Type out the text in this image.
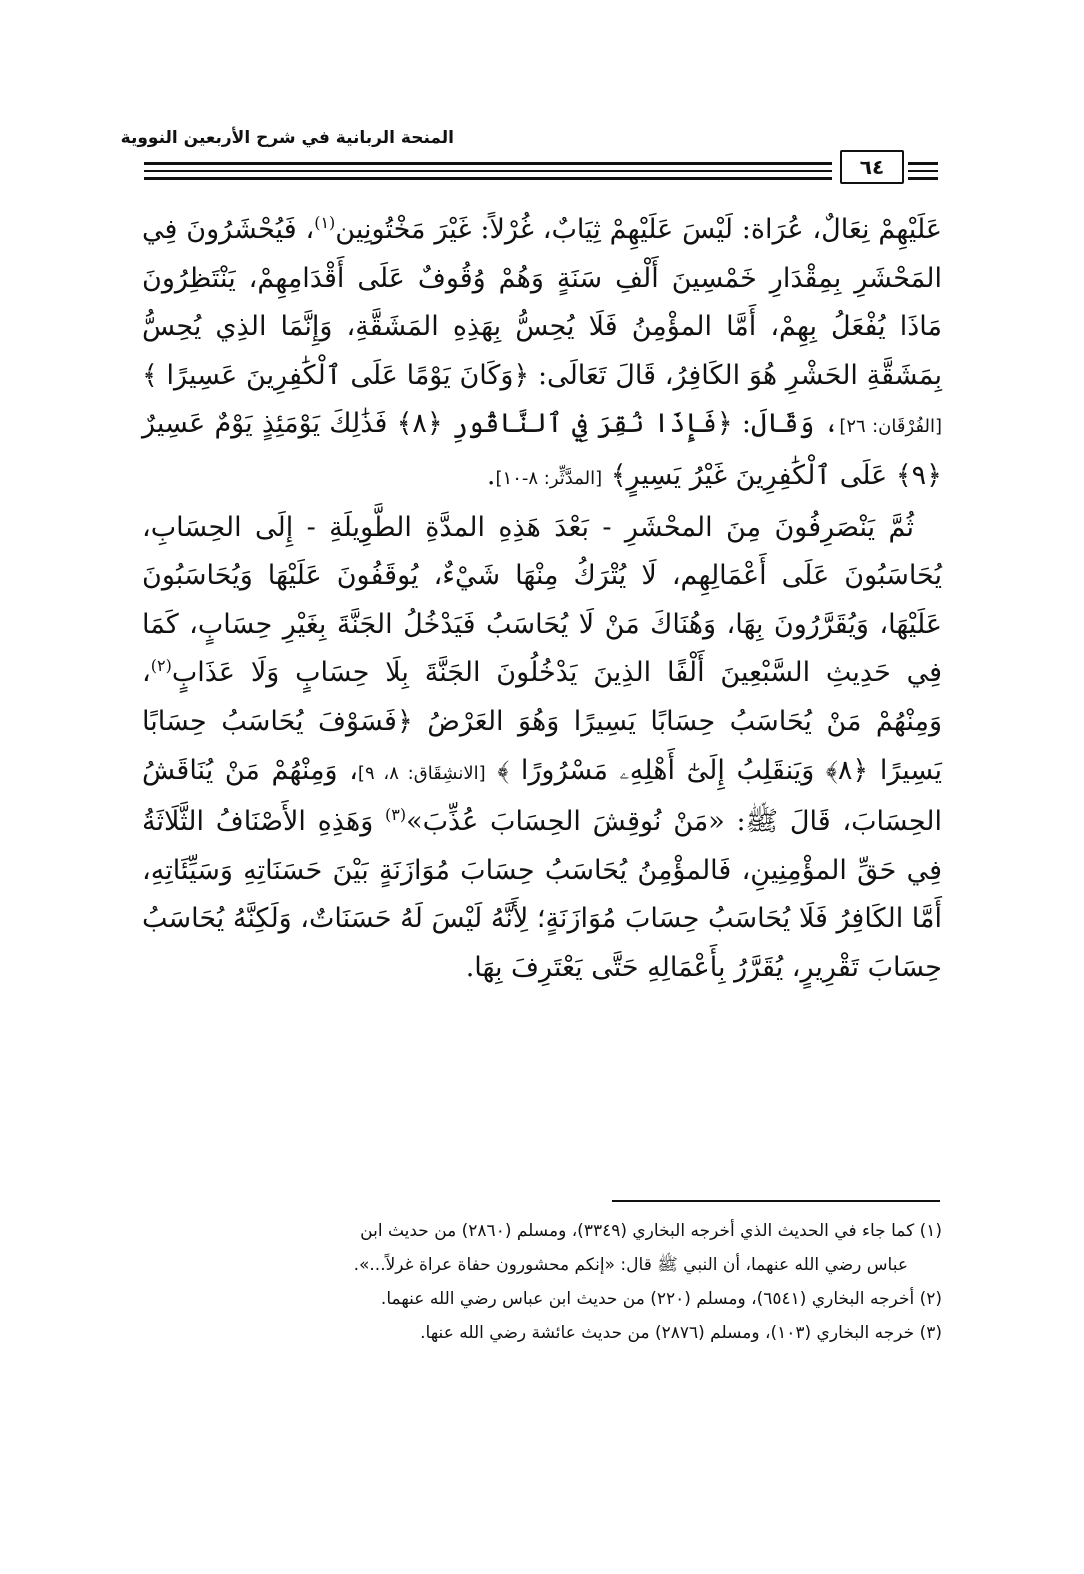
المنحة الربانية في شرح الأربعين النووية
٦٤

عَلَيْهِمْ نِعَالٌ، عُرَاة: لَيْسَ عَلَيْهِمْ ثِيَابٌ، غُرْلاً: غَيْرَ مَخْتُونِين$^{(١)}$، فَيُحْشَرُونَ فِي المَحْشَرِ بِمِقْدَارِ خَمْسِينَ أَلْفِ سَنَةٍ وَهُمْ وُقُوفٌ عَلَى أَقْدَامِهِمْ، يَنْتَظِرُونَ مَاذَا يُفْعَلُ بِهِمْ، أَمَّا المؤْمِنُ فَلَا يُحِسُّ بِهَذِهِ المَشَقَّةِ، وَإِنَّمَا الذِي يُحِسُّ بِمَشَقَّةِ الحَشْرِ هُوَ الكَافِرُ، قَالَ تَعَالَى: ﴿وَكَانَ يَوْمًا عَلَى ٱلْكَٰفِرِينَ عَسِيرًا ﴾ [الفُرْقَان: ٢٦]، وَقَالَ: ﴿فَإِذَا نُقِرَ فِي ٱلنَّاقُورِ ﴿٨﴾ فَذَٰلِكَ يَوْمَئِذٍ يَوْمٌ عَسِيرٌ ﴿٩﴾ عَلَى ٱلْكَٰفِرِينَ غَيْرُ يَسِيرٍ﴾ [المدَّثِّر: ٨-١٠].

ثُمَّ يَنْصَرِفُونَ مِنَ المحْشَرِ - بَعْدَ هَذِهِ المدَّةِ الطَّوِيلَةِ - إِلَى الحِسَابِ، يُحَاسَبُونَ عَلَى أَعْمَالِهِم، لَا يُتْرَكُ مِنْهَا شَيْءٌ، يُوقَفُونَ عَلَيْهَا وَيُحَاسَبُونَ عَلَيْهَا، وَيُقَرَّرُونَ بِهَا، وَهُنَاكَ مَنْ لَا يُحَاسَبُ فَيَدْخُلُ الجَنَّةَ بِغَيْرِ حِسَابٍ، كَمَا فِي حَدِيثِ السَّبْعِينَ أَلْفًا الذِينَ يَدْخُلُونَ الجَنَّةَ بِلَا حِسَابٍ وَلَا عَذَابٍ$^{(٢)}$، وَمِنْهُمْ مَنْ يُحَاسَبُ حِسَابًا يَسِيرًا وَهُوَ العَرْضُ ﴿فَسَوْفَ يُحَاسَبُ حِسَابًا يَسِيرًا ﴿٨﴾ وَيَنقَلِبُ إِلَىٰٓ أَهْلِهِۦ مَسْرُورًا ﴾ [الانشِقَاق: ٨، ٩]، وَمِنْهُمْ مَنْ يُنَاقَشُ الحِسَابَ، قَالَ ﷺ: «مَنْ نُوقِشَ الحِسَابَ عُذِّبَ»$^{(٣)}$ وَهَذِهِ الأَصْنَافُ الثَّلَاثَةُ فِي حَقِّ المؤْمِنِينِ، فَالمؤْمِنُ يُحَاسَبُ حِسَابَ مُوَازَنَةٍ بَيْنَ حَسَنَاتِهِ وَسَيِّئَاتِهِ، أَمَّا الكَافِرُ فَلَا يُحَاسَبُ حِسَابَ مُوَازَنَةٍ؛ لِأَنَّهُ لَيْسَ لَهُ حَسَنَاتٌ، وَلَكِنَّهُ يُحَاسَبُ حِسَابَ تَقْرِيرٍ، يُقَرَّرُ بِأَعْمَالِهِ حَتَّى يَعْتَرِفَ بِهَا.

(١) كما جاء في الحديث الذي أخرجه البخاري (٣٣٤٩)، ومسلم (٢٨٦٠) من حديث ابن

عباس رضي الله عنهما، أن النبي ﷺ قال: «إنكم محشورون حفاة عراة غرلاً...».

(٢) أخرجه البخاري (٦٥٤١)، ومسلم (٢٢٠) من حديث ابن عباس رضي الله عنهما.

(٣) خرجه البخاري (١٠٣)، ومسلم (٢٨٧٦) من حديث عائشة رضي الله عنها.
